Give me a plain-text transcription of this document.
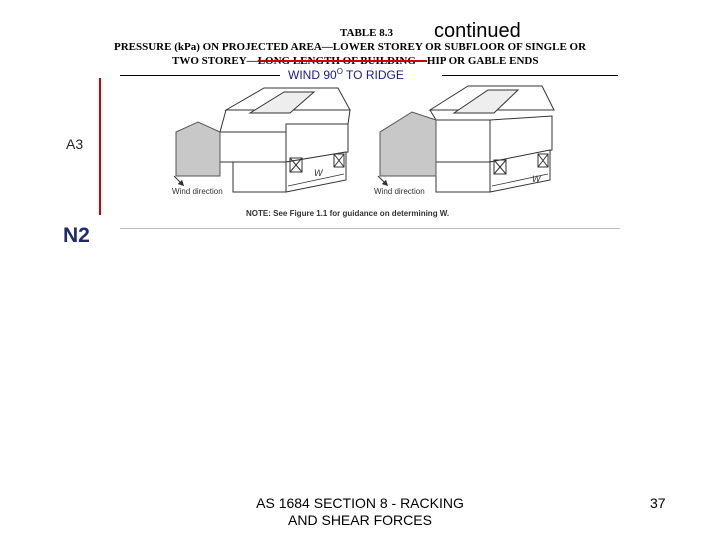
TABLE 8.3 continued
PRESSURE (kPa) ON PROJECTED AREA—LOWER STOREY OR SUBFLOOR OF SINGLE OR
TWO STOREY—LONG LENGTH OF BUILDING—HIP OR GABLE ENDS
WIND $90^O$ TO RIDGE
A3
N2
W
Wind direction
W
Wind direction
NOTE: See Figure 1.1 for guidance on determining W.
AS 1684 SECTION 8 - RACKING
AND SHEAR FORCES
37
